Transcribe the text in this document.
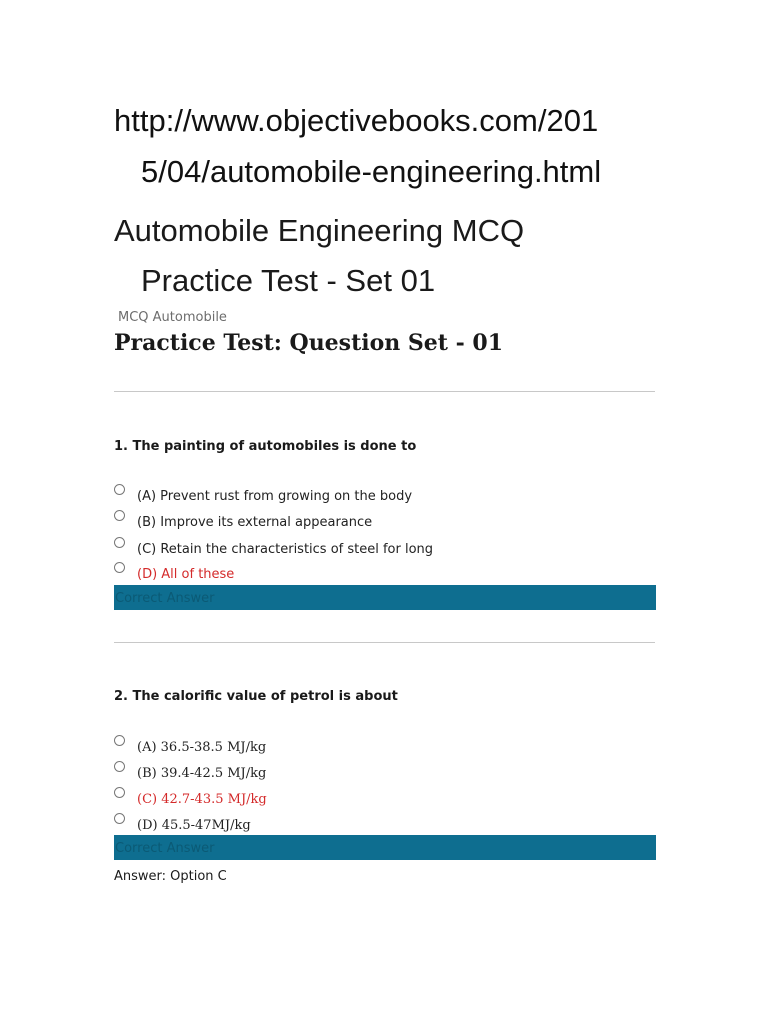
http://www.objectivebooks.com/201
5/04/automobile-engineering.html
Automobile Engineering MCQ
Practice Test - Set 01
MCQ Automobile
Practice Test: Question Set - 01
1. The painting of automobiles is done to
(A) Prevent rust from growing on the body
(B) Improve its external appearance
(C) Retain the characteristics of steel for long
(D) All of these
Correct Answer
2. The calorific value of petrol is about
(A) 36.5-38.5 MJ/kg
(B) 39.4-42.5 MJ/kg
(C) 42.7-43.5 MJ/kg
(D) 45.5-47MJ/kg
Correct Answer
Answer: Option C
